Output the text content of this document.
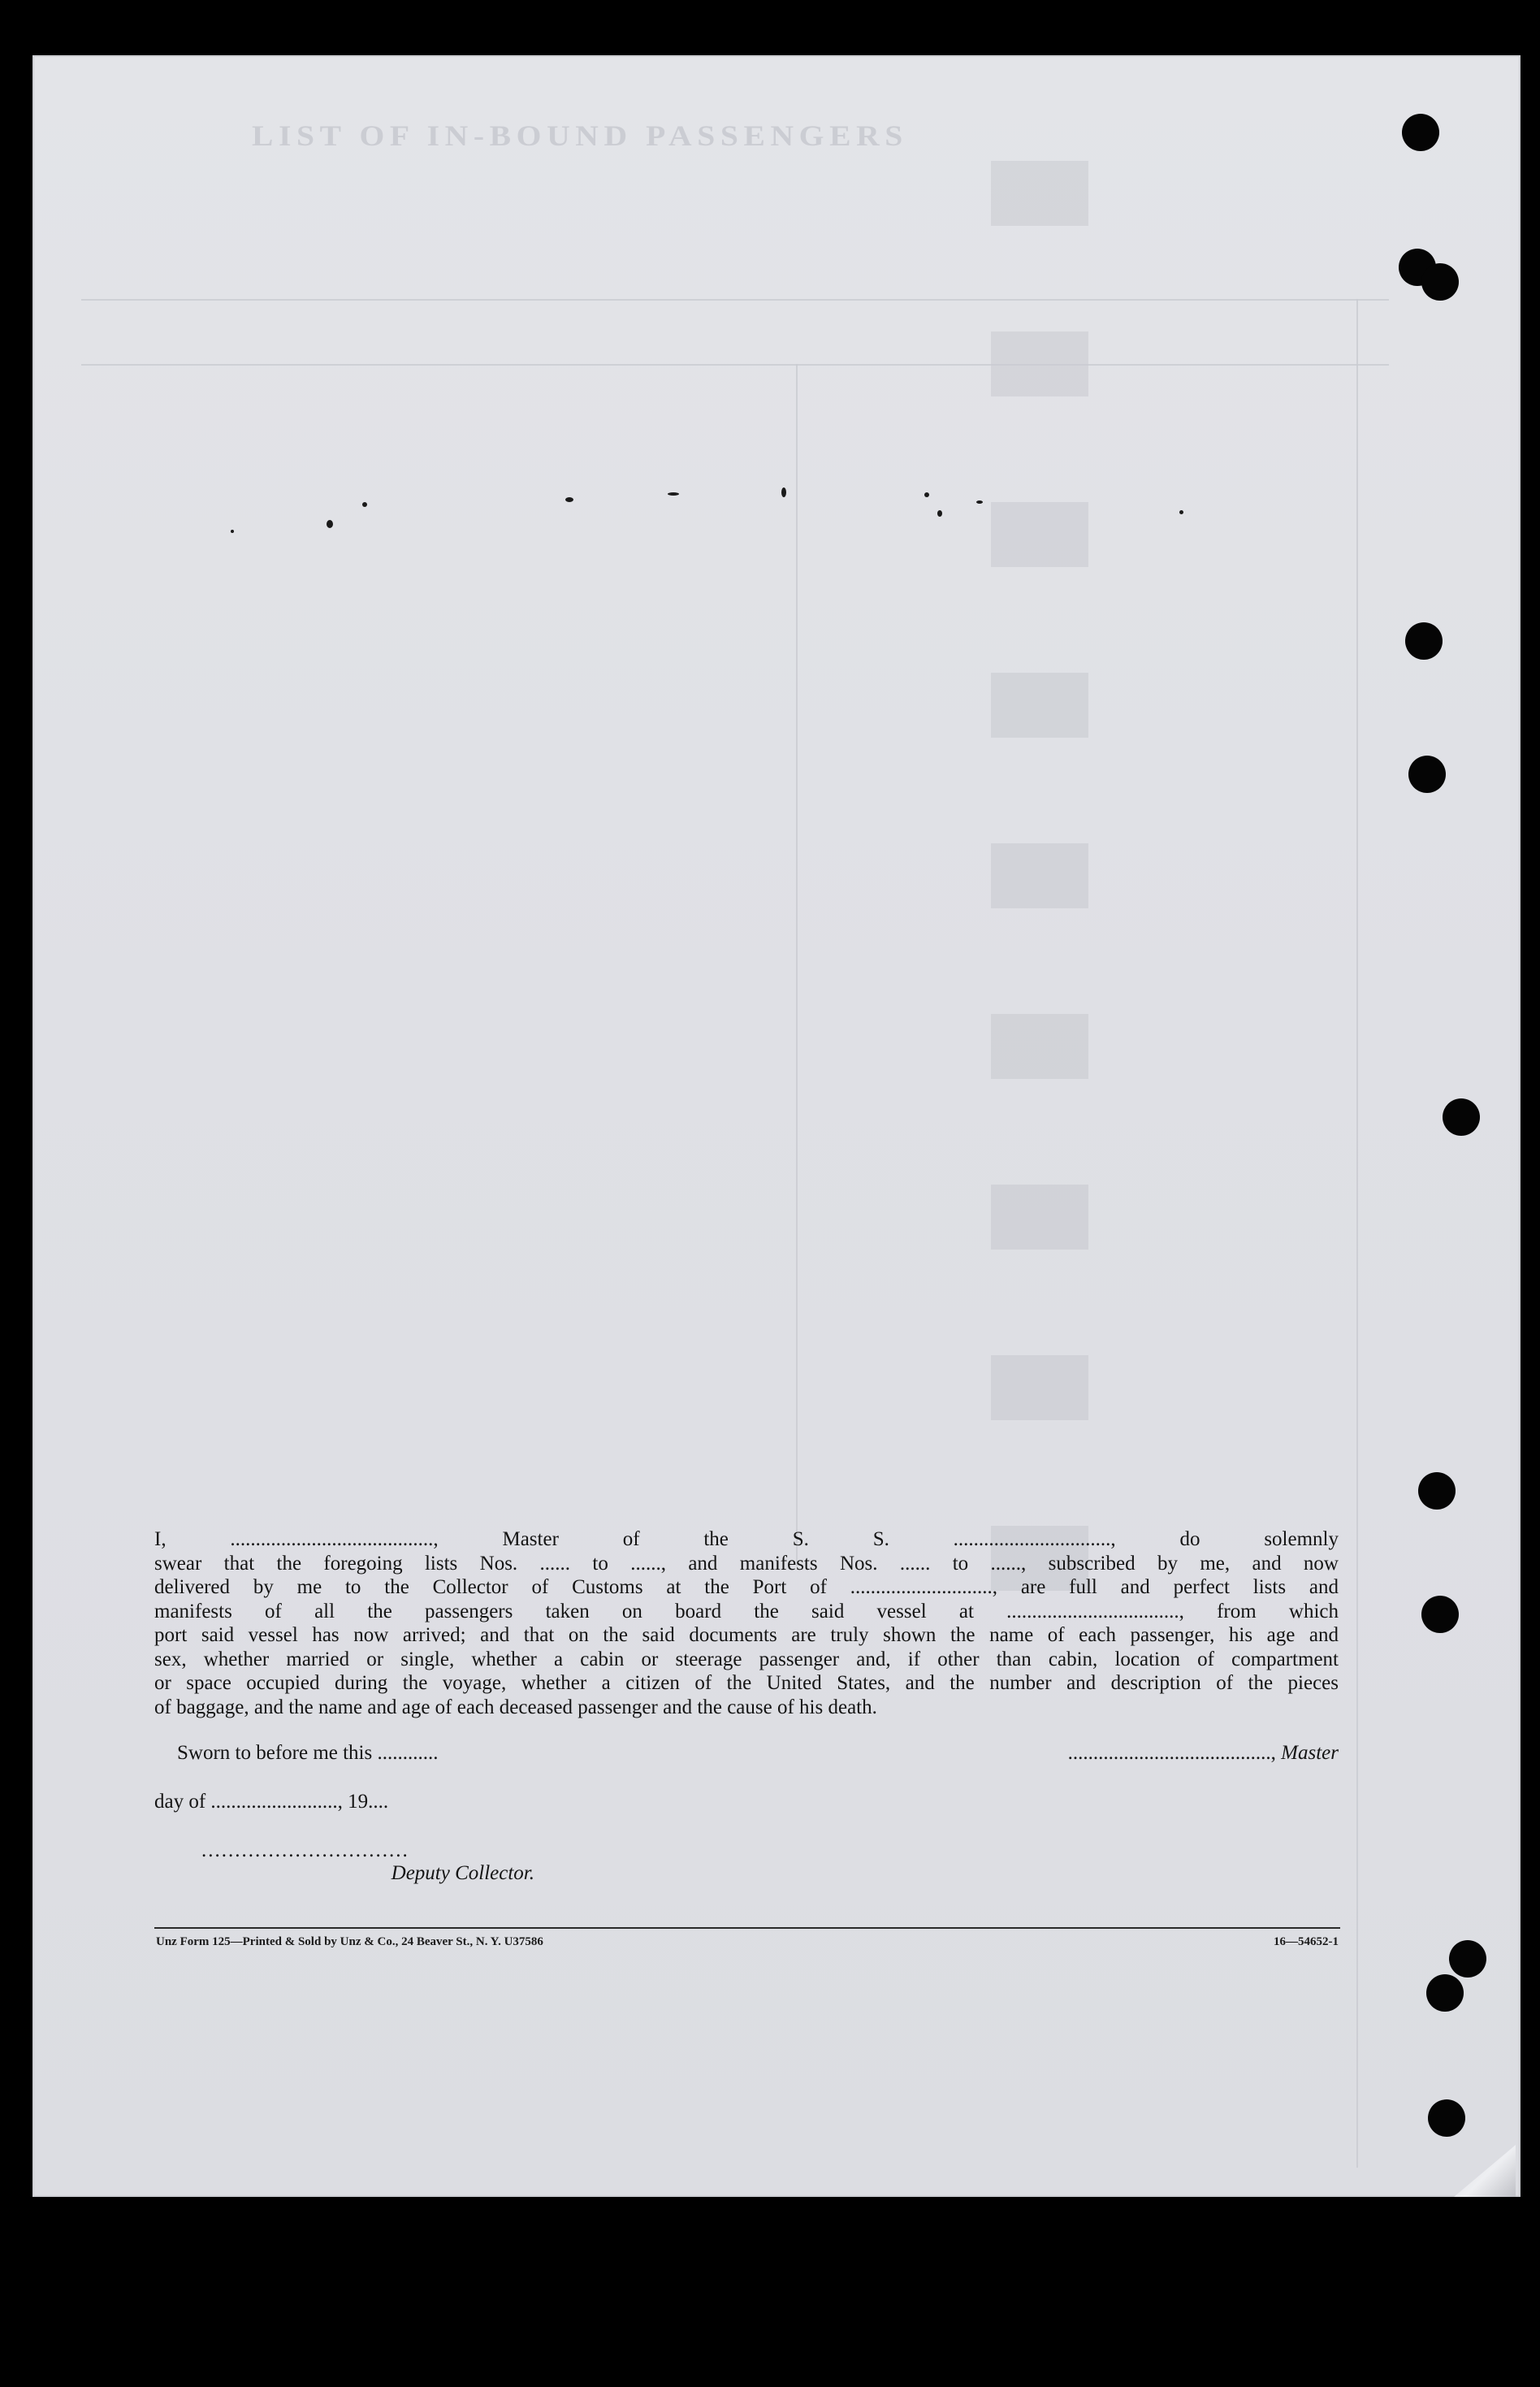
LIST OF IN-BOUND PASSENGERS
I, ........................................, Master of the S. S. ..............................., do solemnly
swear that the foregoing lists Nos. ...... to ......, and manifests Nos. ...... to ......, subscribed by me, and now
delivered by me to the Collector of Customs at the Port of ............................, are full and perfect lists and
manifests of all the passengers taken on board the said vessel at .................................., from which
port said vessel has now arrived; and that on the said documents are truly shown the name of each passenger, his age and
sex, whether married or single, whether a cabin or steerage passenger and, if other than cabin, location of compartment
or space occupied during the voyage, whether a citizen of the United States, and the number and description of the pieces
of baggage, and the name and age of each deceased passenger and the cause of his death.
Sworn to before me this ............	........................................, Master
day of ........................., 19....
...............................
Deputy Collector.
Unz Form 125—Printed & Sold by Unz & Co., 24 Beaver St., N. Y. U37586	16—54652-1
